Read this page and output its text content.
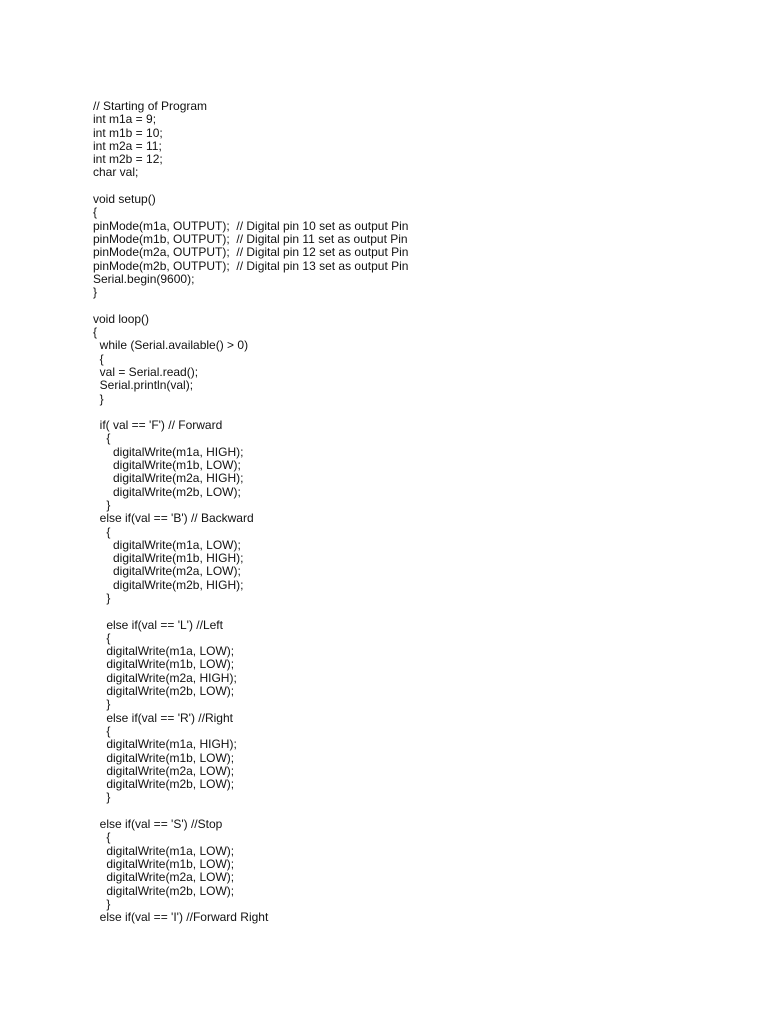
// Starting of Program
int m1a = 9;
int m1b = 10;
int m2a = 11;
int m2b = 12;
char val;
void setup()
{
pinMode(m1a, OUTPUT);  // Digital pin 10 set as output Pin
pinMode(m1b, OUTPUT);  // Digital pin 11 set as output Pin
pinMode(m2a, OUTPUT);  // Digital pin 12 set as output Pin
pinMode(m2b, OUTPUT);  // Digital pin 13 set as output Pin
Serial.begin(9600);
}
void loop()
{
while (Serial.available() > 0)
{
val = Serial.read();
Serial.println(val);
}
if( val == 'F') // Forward
{
digitalWrite(m1a, HIGH);
digitalWrite(m1b, LOW);
digitalWrite(m2a, HIGH);
digitalWrite(m2b, LOW);
}
else if(val == 'B') // Backward
{
digitalWrite(m1a, LOW);
digitalWrite(m1b, HIGH);
digitalWrite(m2a, LOW);
digitalWrite(m2b, HIGH);
}
else if(val == 'L') //Left
{
digitalWrite(m1a, LOW);
digitalWrite(m1b, LOW);
digitalWrite(m2a, HIGH);
digitalWrite(m2b, LOW);
}
else if(val == 'R') //Right
{
digitalWrite(m1a, HIGH);
digitalWrite(m1b, LOW);
digitalWrite(m2a, LOW);
digitalWrite(m2b, LOW);
}
else if(val == 'S') //Stop
{
digitalWrite(m1a, LOW);
digitalWrite(m1b, LOW);
digitalWrite(m2a, LOW);
digitalWrite(m2b, LOW);
}
else if(val == 'I') //Forward Right
